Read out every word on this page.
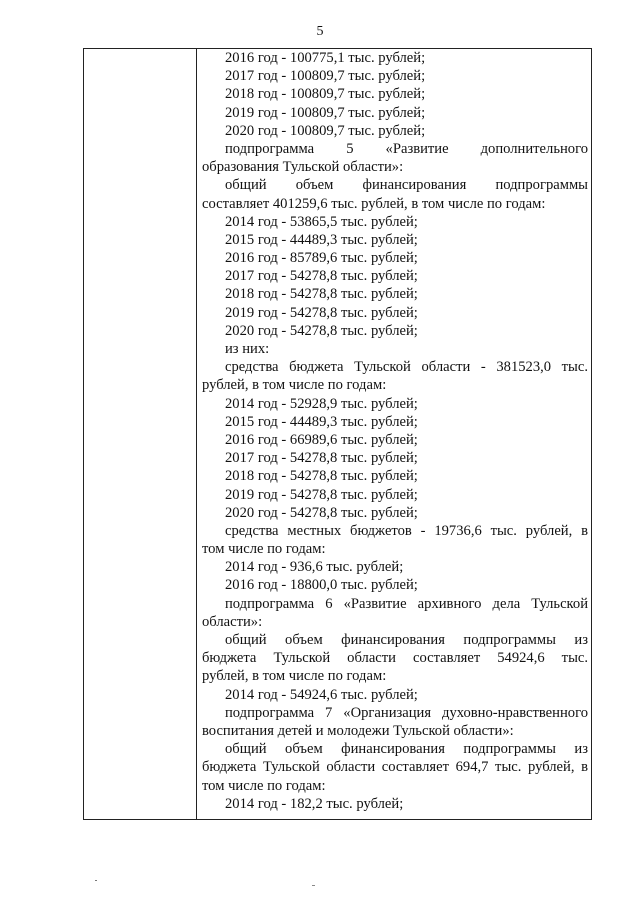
5
2016 год - 100775,1 тыс. рублей;
2017 год - 100809,7 тыс. рублей;
2018 год - 100809,7 тыс. рублей;
2019 год - 100809,7 тыс. рублей;
2020 год - 100809,7 тыс. рублей;
подпрограмма 5 «Развитие дополнительного
образования Тульской области»:
общий объем финансирования подпрограммы
составляет 401259,6 тыс. рублей, в том числе по годам:
2014 год - 53865,5 тыс. рублей;
2015 год - 44489,3 тыс. рублей;
2016 год - 85789,6 тыс. рублей;
2017 год - 54278,8 тыс. рублей;
2018 год - 54278,8 тыс. рублей;
2019 год - 54278,8 тыс. рублей;
2020 год - 54278,8 тыс. рублей;
из них:
средства бюджета Тульской области - 381523,0 тыс.
рублей, в том числе по годам:
2014 год - 52928,9 тыс. рублей;
2015 год - 44489,3 тыс. рублей;
2016 год - 66989,6 тыс. рублей;
2017 год - 54278,8 тыс. рублей;
2018 год - 54278,8 тыс. рублей;
2019 год - 54278,8 тыс. рублей;
2020 год - 54278,8 тыс. рублей;
средства местных бюджетов - 19736,6 тыс. рублей, в
том числе по годам:
2014 год - 936,6 тыс. рублей;
2016 год - 18800,0 тыс. рублей;
подпрограмма 6 «Развитие архивного дела Тульской
области»:
общий объем финансирования подпрограммы из
бюджета Тульской области составляет 54924,6 тыс.
рублей, в том числе по годам:
2014 год - 54924,6 тыс. рублей;
подпрограмма 7 «Организация духовно-нравственного
воспитания детей и молодежи Тульской области»:
общий объем финансирования подпрограммы из
бюджета Тульской области составляет 694,7 тыс. рублей, в
том числе по годам:
2014 год - 182,2 тыс. рублей;
